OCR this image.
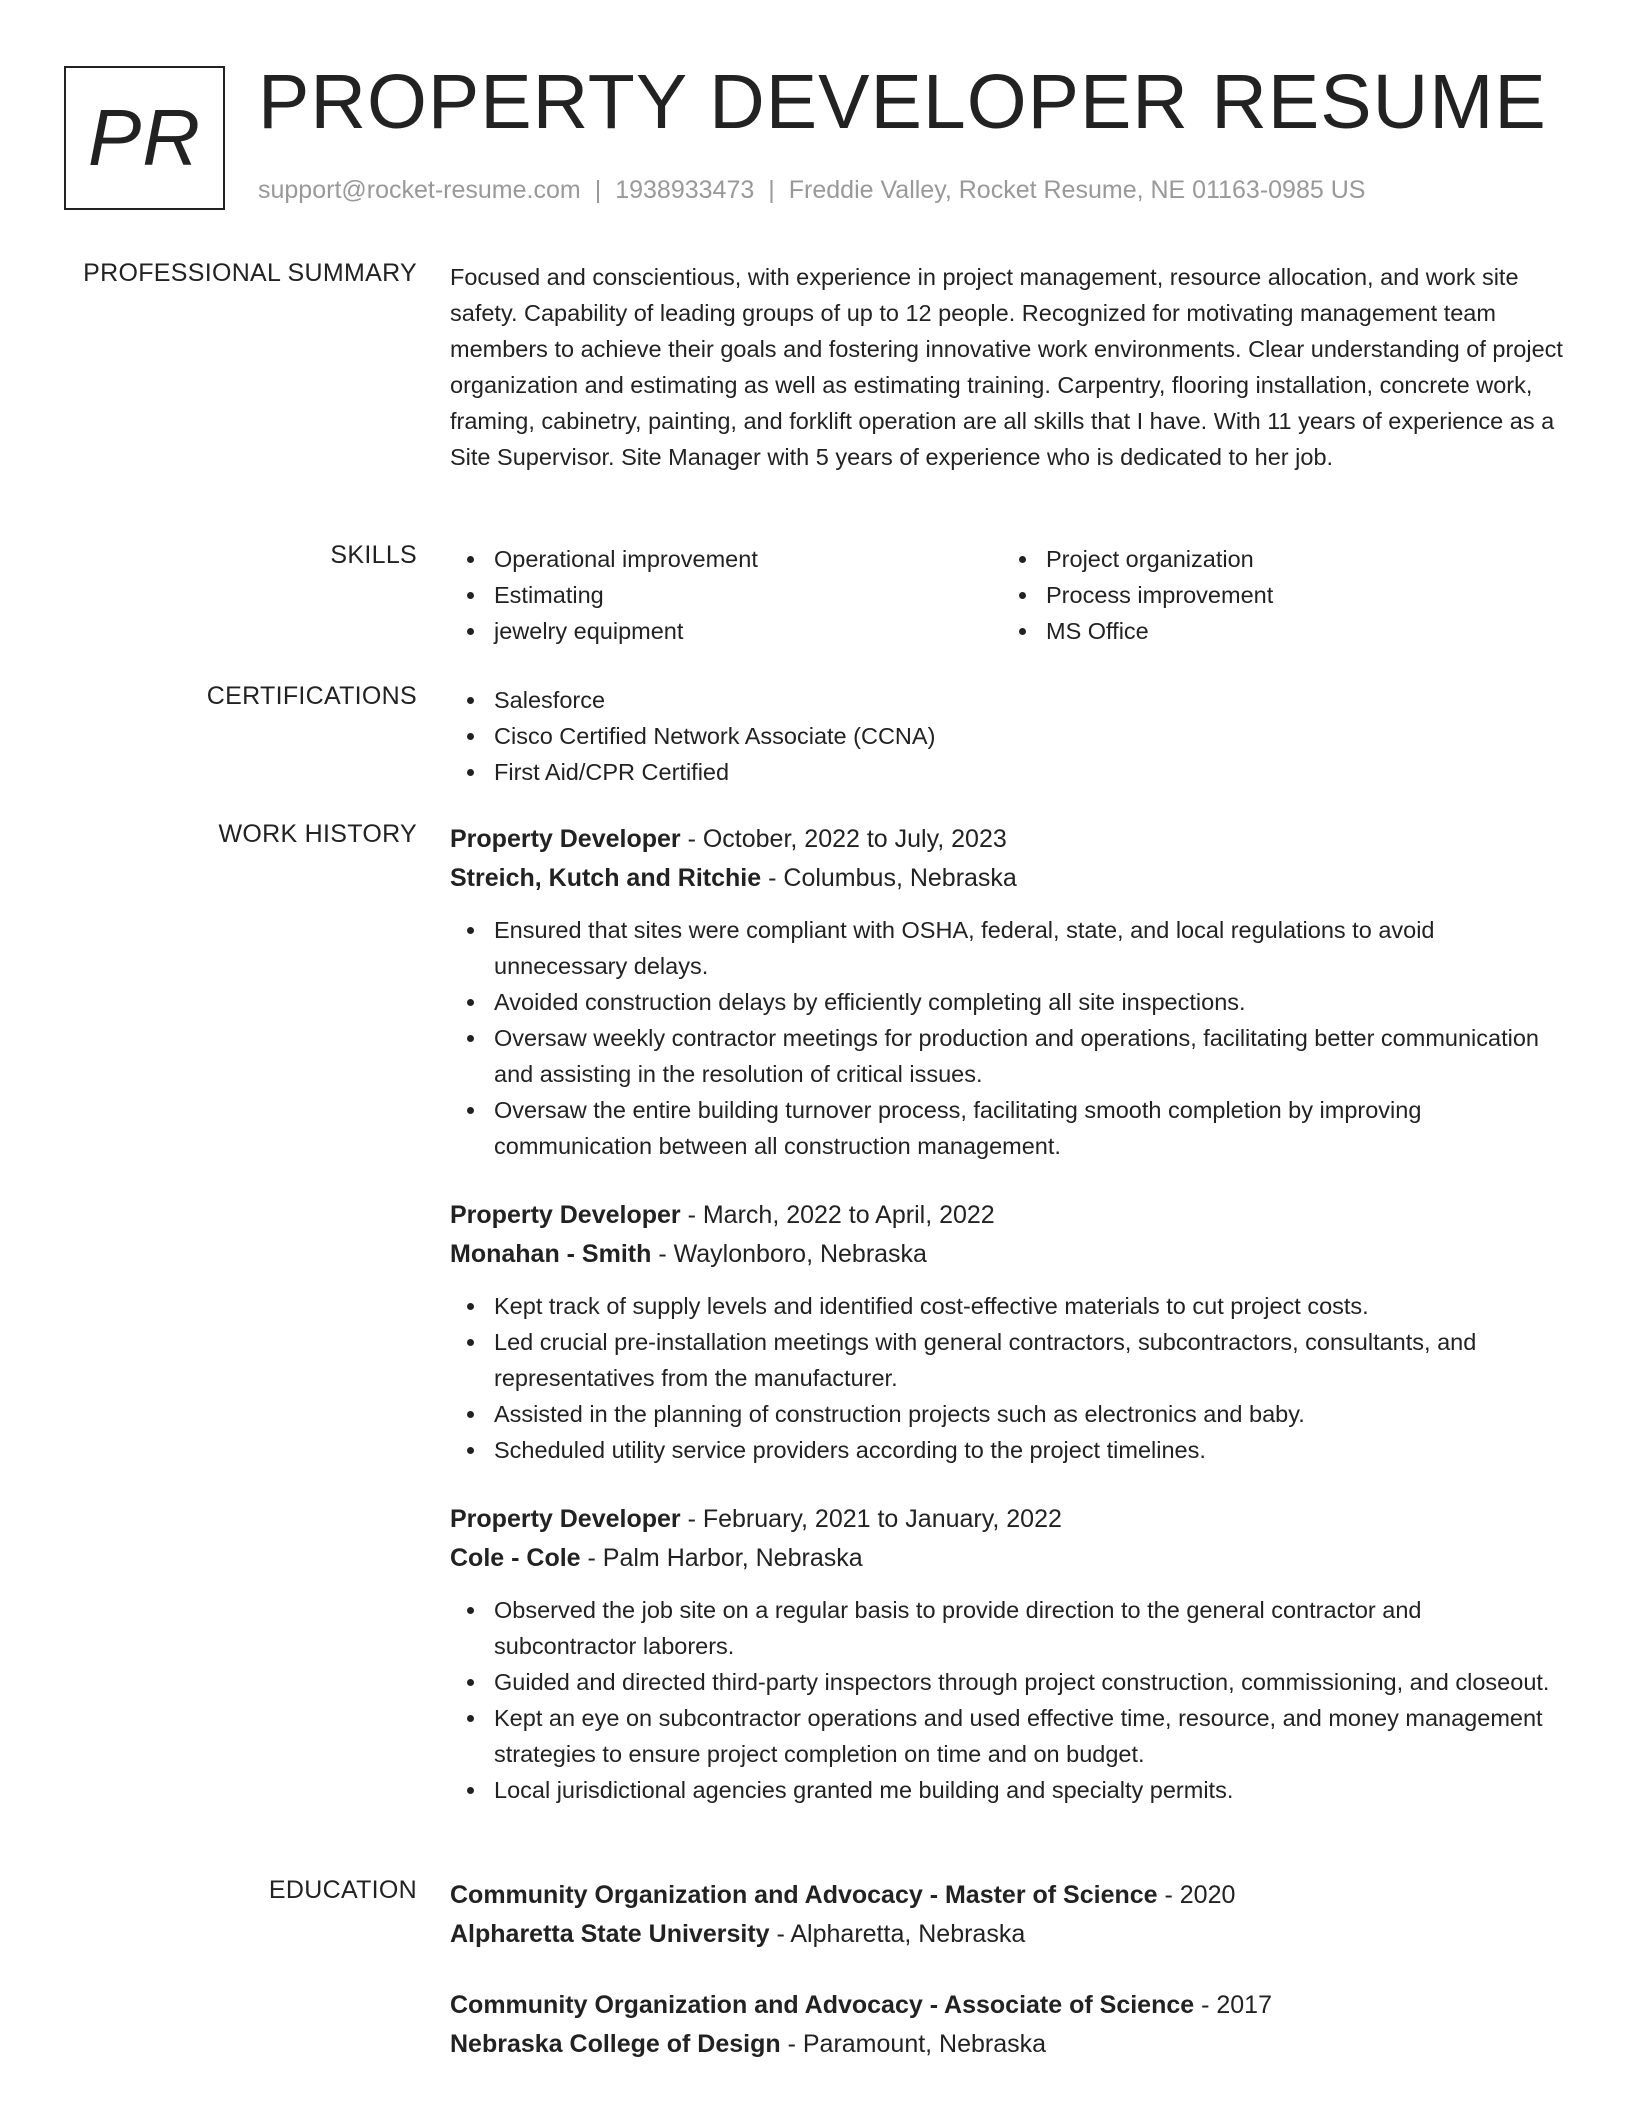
PR PROPERTY DEVELOPER RESUME
support@rocket-resume.com | 1938933473 | Freddie Valley, Rocket Resume, NE 01163-0985 US
PROFESSIONAL SUMMARY Focused and conscientious, with experience in project management, resource allocation, and work site safety. Capability of leading groups of up to 12 people. Recognized for motivating management team members to achieve their goals and fostering innovative work environments. Clear understanding of project organization and estimating as well as estimating training. Carpentry, flooring installation, concrete work, framing, cabinetry, painting, and forklift operation are all skills that I have. With 11 years of experience as a Site Supervisor. Site Manager with 5 years of experience who is dedicated to her job.
SKILLS	Operational improvement
Estimating
jewelry equipment
Project organization
Process improvement
MS Office
CERTIFICATIONS	Salesforce
Cisco Certified Network Associate (CCNA)
First Aid/CPR Certified
WORK HISTORY Property Developer - October, 2022 to July, 2023
Streich, Kutch and Ritchie - Columbus, Nebraska
Ensured that sites were compliant with OSHA, federal, state, and local regulations to avoid unnecessary delays.
Avoided construction delays by efficiently completing all site inspections.
Oversaw weekly contractor meetings for production and operations, facilitating better communication and assisting in the resolution of critical issues.
Oversaw the entire building turnover process, facilitating smooth completion by improving communication between all construction management.
Property Developer - March, 2022 to April, 2022
Monahan - Smith - Waylonboro, Nebraska
Kept track of supply levels and identified cost-effective materials to cut project costs.
Led crucial pre-installation meetings with general contractors, subcontractors, consultants, and representatives from the manufacturer.
Assisted in the planning of construction projects such as electronics and baby.
Scheduled utility service providers according to the project timelines.
Property Developer - February, 2021 to January, 2022
Cole - Cole - Palm Harbor, Nebraska
Observed the job site on a regular basis to provide direction to the general contractor and subcontractor laborers.
Guided and directed third-party inspectors through project construction, commissioning, and closeout.
Kept an eye on subcontractor operations and used effective time, resource, and money management strategies to ensure project completion on time and on budget.
Local jurisdictional agencies granted me building and specialty permits.
EDUCATION Community Organization and Advocacy - Master of Science - 2020
Alpharetta State University - Alpharetta, Nebraska
Community Organization and Advocacy - Associate of Science - 2017
Nebraska College of Design - Paramount, Nebraska
